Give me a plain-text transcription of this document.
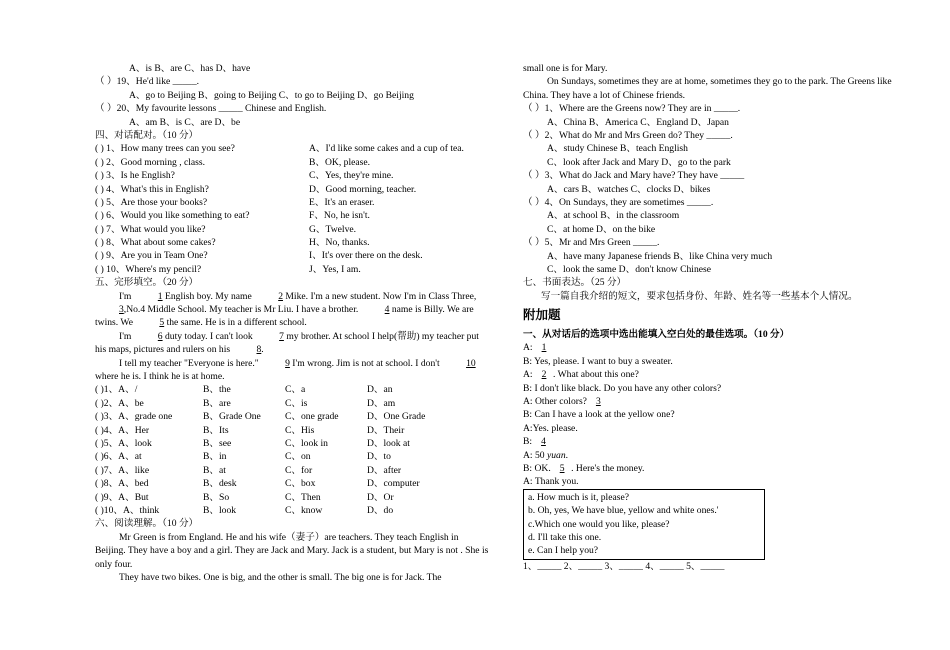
A、is B、are C、has D、have
（ ）19、He'd like _____.
A、go to Beijing B、going to Beijing C、to go to Beijing D、go Beijing
（ ）20、My favourite lessons _____ Chinese and English.
A、am B、is C、are D、be
四、对话配对。（10 分）
( ) 1、How many trees can you see?	A、I'd like some cakes and a cup of tea.
( ) 2、Good morning , class.	B、OK, please.
( ) 3、Is he English?	C、Yes, they're mine.
( ) 4、What's this in English?	D、Good morning, teacher.
( ) 5、Are those your books?	E、It's an eraser.
( ) 6、Would you like something to eat?	F、No, he isn't.
( ) 7、What would you like?	G、Twelve.
( ) 8、What about some cakes?	H、No, thanks.
( ) 9、Are you in Team One?	I、It's over there on the desk.
( ) 10、Where's my pencil?	J、Yes, I am.
五、完形填空。（20 分）
I'm	1 English boy. My name	2 Mike. I'm a new student. Now I'm in Class Three, 3,No.4 Middle School. My teacher is Mr Liu. I have a brother.	4 name is Billy. We are twins. We	5 the same. He is in a different school.
I'm	6 duty today. I can't look	7 my brother. At school I help(帮助) my teacher put his maps, pictures and rulers on his	8.
I tell my teacher "Everyone is here."	9 I'm wrong. Jim is not at school. I don't	10 where he is. I think he is at home.
( )1、A、/	B、the	C、a	D、an
( )2、A、be	B、are	C、is	D、am
( )3、A、grade one	B、Grade One	C、one grade	D、One Grade
( )4、A、Her	B、Its	C、His	D、Their
( )5、A、look	B、see	C、look in	D、look at
( )6、A、at	B、in	C、on	D、to
( )7、A、like	B、at	C、for	D、after
( )8、A、bed	B、desk	C、box	D、computer
( )9、A、But	B、So	C、Then	D、Or
( )10、A、think	B、look	C、know	D、do
六、阅读理解。（10 分）
Mr Green is from England. He and his wife（妻子）are teachers. They teach English in Beijing. They have a boy and a girl. They are Jack and Mary. Jack is a student, but Mary is not . She is only four.
They have two bikes. One is big, and the other is small. The big one is for Jack. The
small one is for Mary.
On Sundays, sometimes they are at home, sometimes they go to the park. The Greens like China. They have a lot of Chinese friends.
（ ）1、Where are the Greens now? They are in _____.
A、China B、America C、England D、Japan
（ ）2、What do Mr and Mrs Green do? They _____.
A、study Chinese B、teach English
C、look after Jack and Mary D、go to the park
（ ）3、What do Jack and Mary have? They have _____
A、cars B、watches C、clocks D、bikes
（ ）4、On Sundays, they are sometimes _____.
A、at school B、in the classroom
C、at home D、on the bike
（ ）5、Mr and Mrs Green _____.
A、have many Japanese friends B、like China very much
C、look the same D、don't know Chinese
七、书面表达。（25 分）
写一篇自我介绍的短文，要求包括身份、年龄、姓名等一些基本个人情况。
附加题
一、从对话后的选项中选出能填入空白处的最佳选项。（10 分）
A: 1
B: Yes, please. I want to buy a sweater.
A: 2 . What about this one?
B: I don't like black. Do you have any other colors?
A: Other colors? 3
B: Can I have a look at the yellow one?
A:Yes. please.
B: 4
A: 50 yuan.
B: OK. 5 . Here's the money.
A: Thank you.
a. How much is it, please?
b. Oh, yes, We have blue, yellow and white ones.'
c.Which one would you like, please?
d. I'll take this one.
e. Can I help you?
1、_____ 2、_____ 3、_____ 4、_____ 5、_____
